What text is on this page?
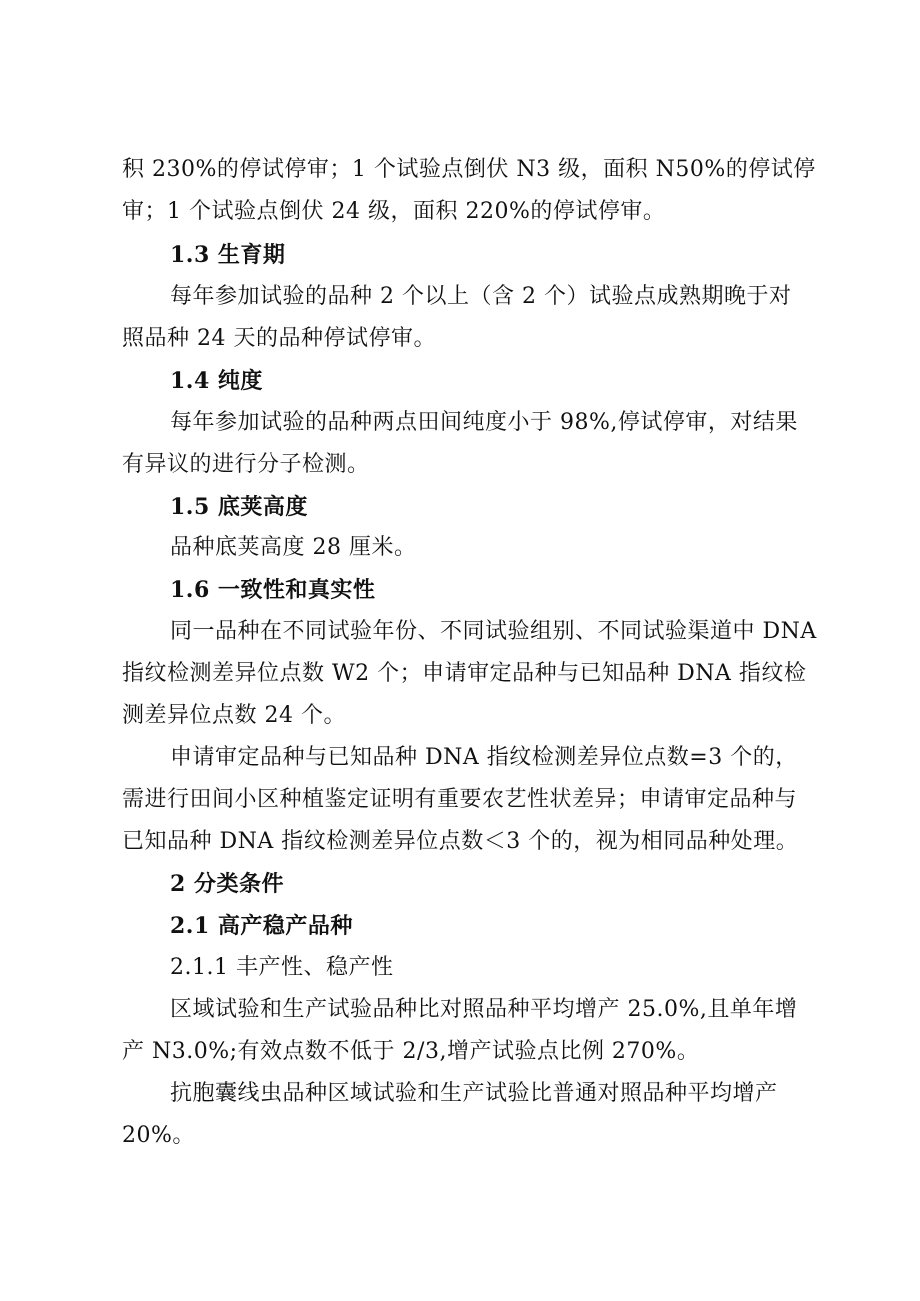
积 230%的停试停审；1 个试验点倒伏 N3 级，面积 N50%的停试停
审；1 个试验点倒伏 24 级，面积 220%的停试停审。
1.3 生育期
每年参加试验的品种 2 个以上（含 2 个）试验点成熟期晚于对
照品种 24 天的品种停试停审。
1.4 纯度
每年参加试验的品种两点田间纯度小于 98%,停试停审，对结果
有异议的进行分子检测。
1.5 底荚高度
品种底荚高度 28 厘米。
1.6 一致性和真实性
同一品种在不同试验年份、不同试验组别、不同试验渠道中 DNA
指纹检测差异位点数 W2 个；申请审定品种与已知品种 DNA 指纹检
测差异位点数 24 个。
申请审定品种与已知品种 DNA 指纹检测差异位点数=3 个的，
需进行田间小区种植鉴定证明有重要农艺性状差异；申请审定品种与
已知品种 DNA 指纹检测差异位点数＜3 个的，视为相同品种处理。
2 分类条件
2.1 高产稳产品种
2.1.1 丰产性、稳产性
区域试验和生产试验品种比对照品种平均增产 25.0%,且单年增
产 N3.0%;有效点数不低于 2/3,增产试验点比例 270%。
抗胞囊线虫品种区域试验和生产试验比普通对照品种平均增产
20%。
